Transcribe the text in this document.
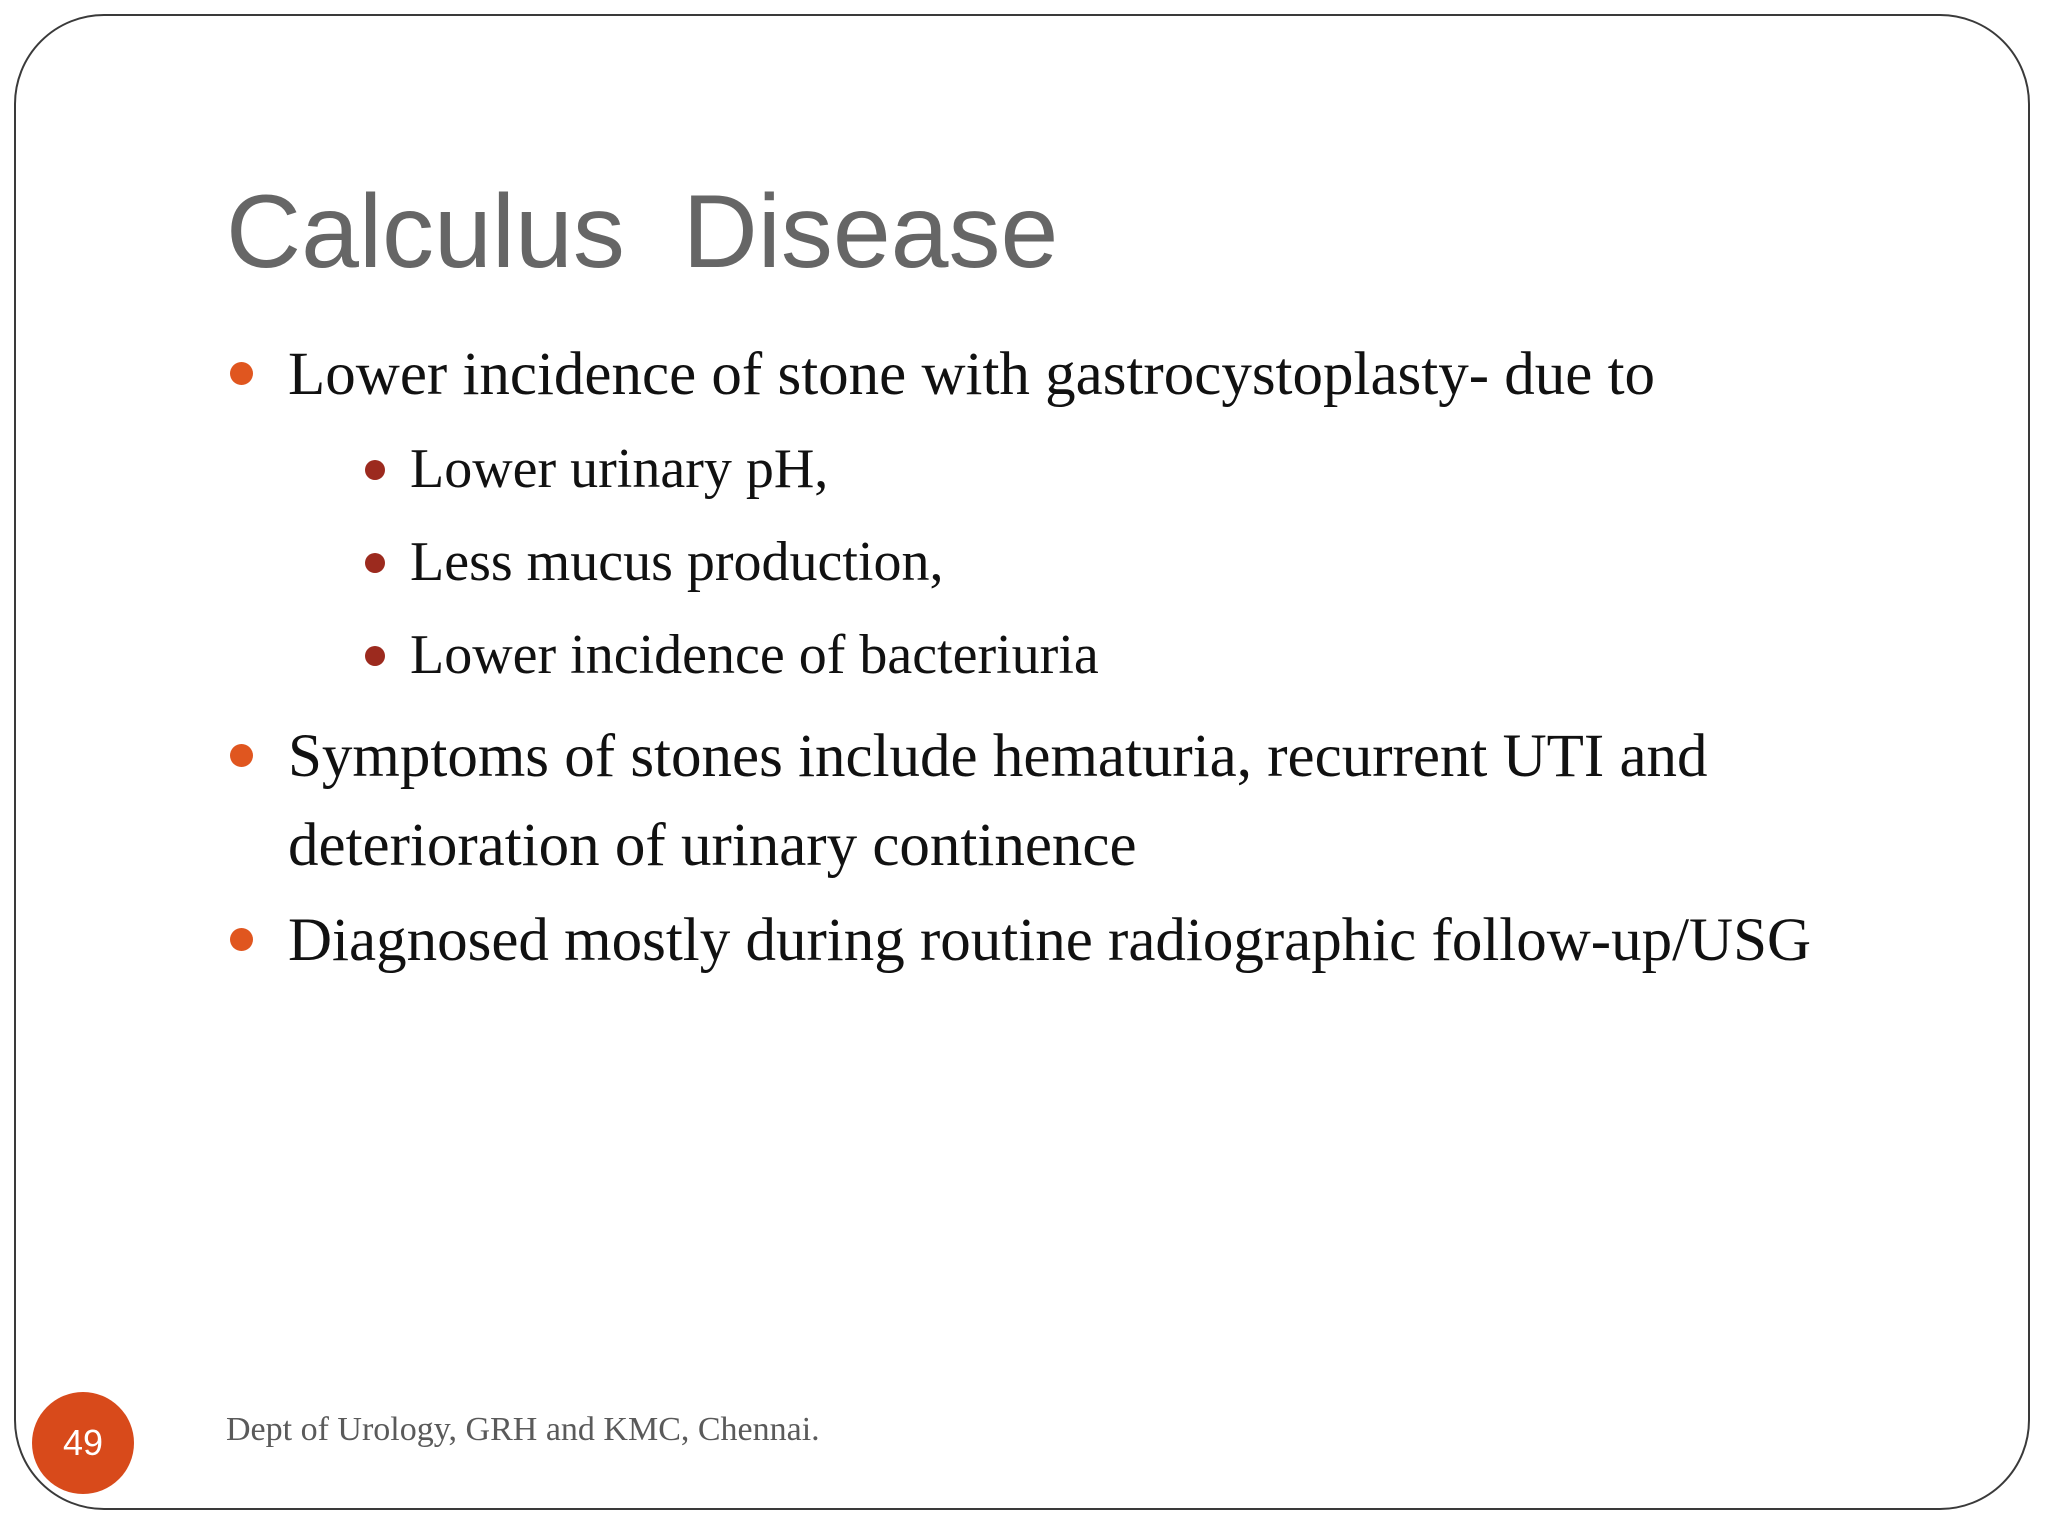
Calculus  Disease
Lower incidence of stone with gastrocystoplasty- due to
Lower urinary pH,
Less mucus production,
Lower incidence of bacteriuria
Symptoms of stones include hematuria, recurrent UTI and deterioration of urinary continence
Diagnosed mostly during routine radiographic follow-up/USG
49	Dept of Urology, GRH and KMC, Chennai.
